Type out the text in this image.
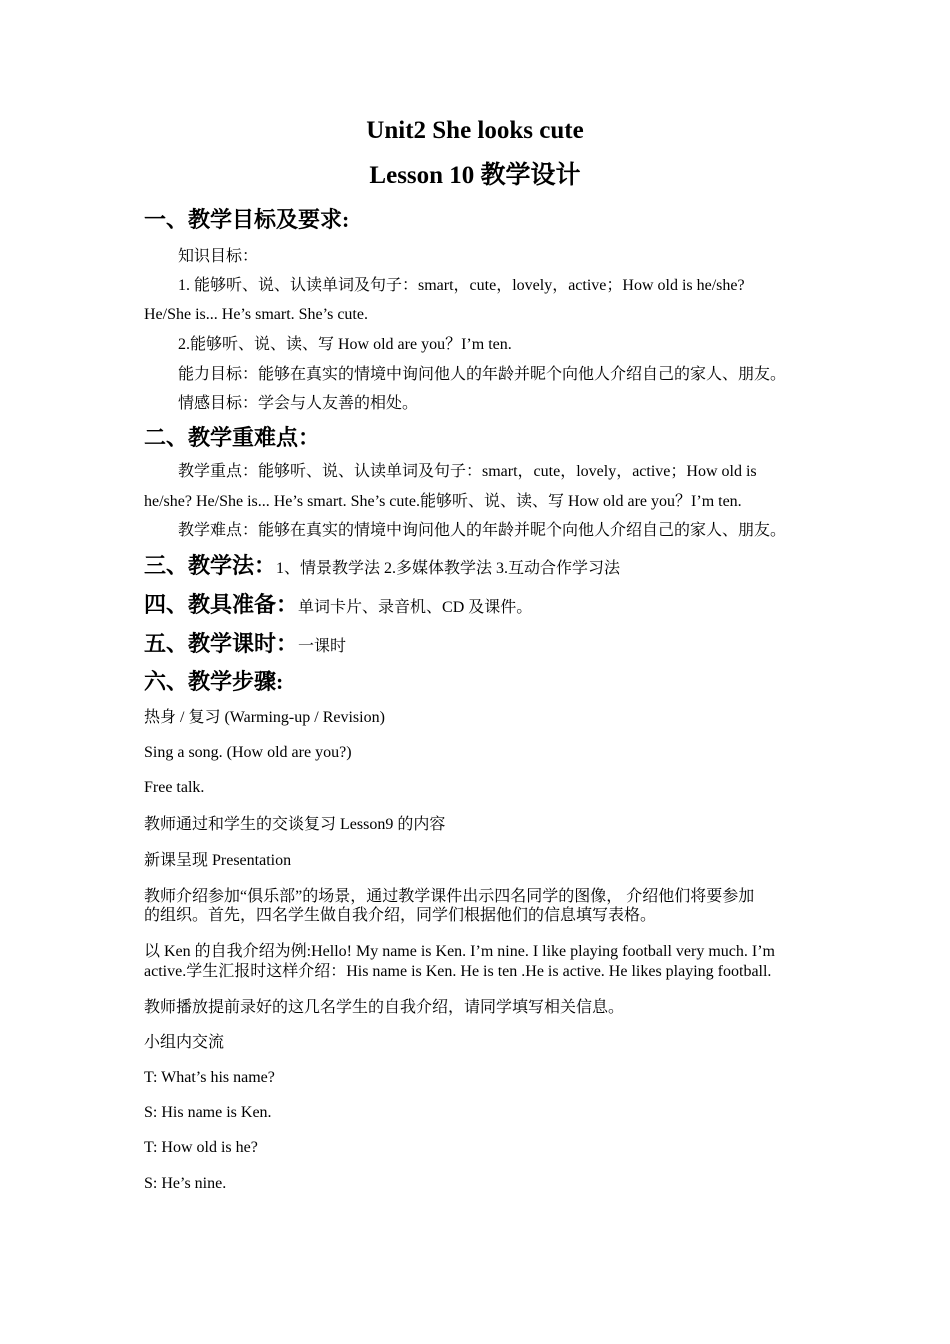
Unit2 She looks cute
Lesson 10 教学设计
一、教学目标及要求:
知识目标：
1. 能够听、说、认读单词及句子：smart，cute，lovely，active；How old is he/she?
He/She is... He’s smart. She’s cute.
2.能够听、说、读、写 How old are you？I’m ten.
能力目标：能够在真实的情境中询问他人的年龄并昵个向他人介绍自己的家人、朋友。
情感目标：学会与人友善的相处。
二、教学重难点：
教学重点：能够听、说、认读单词及句子：smart，cute，lovely，active；How old is
he/she? He/She is... He’s smart. She’s cute.能够听、说、读、写 How old are you？I’m ten.
教学难点：能够在真实的情境中询问他人的年龄并昵个向他人介绍自己的家人、朋友。
三、教学法：1、情景教学法 2.多媒体教学法 3.互动合作学习法
四、教具准备：单词卡片、录音机、CD 及课件。
五、教学课时：一课时
六、教学步骤:
热身 / 复习 (Warming-up / Revision)
Sing a song. (How old are you?)
Free talk.
教师通过和学生的交谈复习 Lesson9 的内容
新课呈现 Presentation
教师介绍参加“俱乐部”的场景，通过教学课件出示四名同学的图像， 介绍他们将要参加
的组织。首先，四名学生做自我介绍，同学们根据他们的信息填写表格。
以 Ken 的自我介绍为例:Hello! My name is Ken. I’m nine. I like playing football very much. I’m
active.学生汇报时这样介绍：His name is Ken. He is ten .He is active. He likes playing football.
教师播放提前录好的这几名学生的自我介绍，请同学填写相关信息。
小组内交流
T: What’s his name?
S: His name is Ken.
T: How old is he?
S: He’s nine.
